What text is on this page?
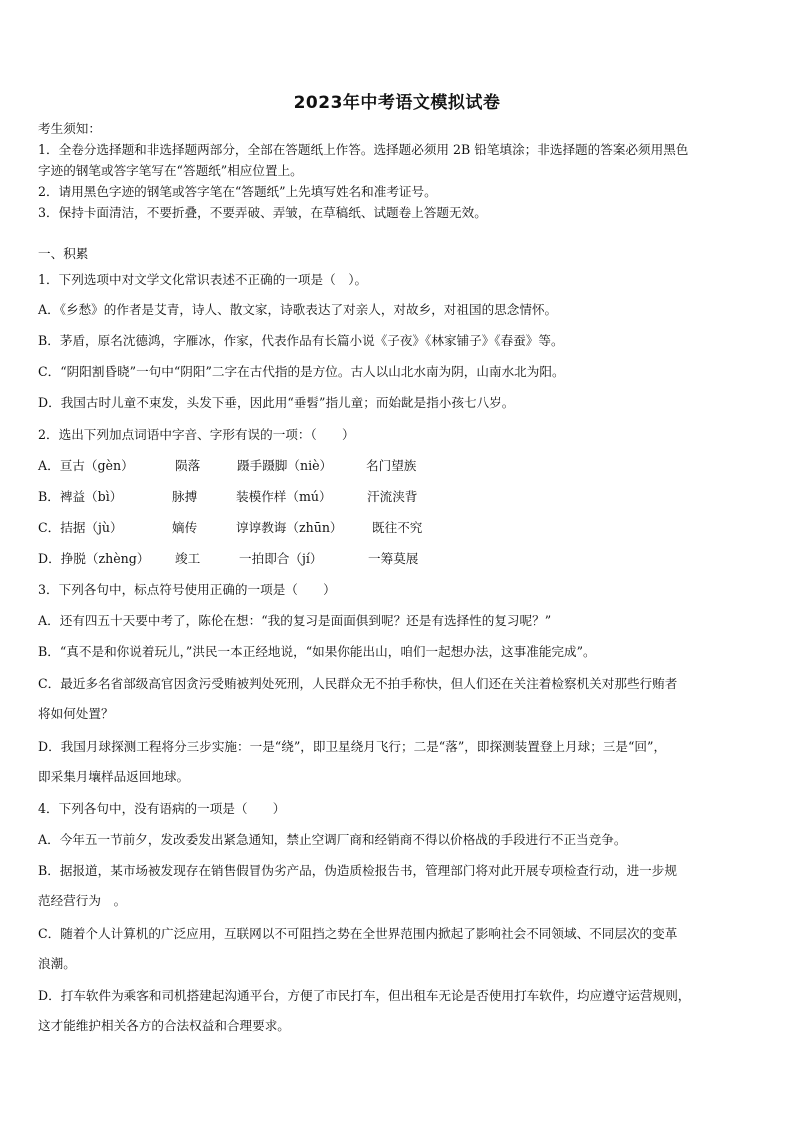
2023年中考语文模拟试卷
考生须知：
1．全卷分选择题和非选择题两部分，全部在答题纸上作答。选择题必须用 2B 铅笔填涂；非选择题的答案必须用黑色
字迹的钢笔或答字笔写在“答题纸”相应位置上。
2．请用黑色字迹的钢笔或答字笔在“答题纸”上先填写姓名和准考证号。
3．保持卡面清洁，不要折叠，不要弄破、弄皱，在草稿纸、试题卷上答题无效。
一、积累
1．下列选项中对文学文化常识表述不正确的一项是（　）。
A．《乡愁》的作者是艾青，诗人、散文家，诗歌表达了对亲人，对故乡，对祖国的思念情怀。
B．茅盾，原名沈德鸿，字雁冰，作家，代表作品有长篇小说《子夜》《林家铺子》《春蚕》等。
C．“阴阳割昏晓”一句中“阴阳”二字在古代指的是方位。古人以山北水南为阴，山南水北为阳。
D．我国古时儿童不束发，头发下垂，因此用“垂髫”指儿童；而始龀是指小孩七八岁。
2．选出下列加点词语中字音、字形有误的一项：（　　）
A．亘古（gèn）	陨落	蹑手蹑脚（niè）	名门望族
B．裨益（bì）	脉搏	装模作样（mú）	汗流浃背
C．拮据（jù）	嫡传	谆谆教诲（zhūn） 既往不究
D．挣脱（zhèng） 竣工	一拍即合（jí）	一筹莫展
3．下列各句中，标点符号使用正确的一项是（　　）
A．还有四五十天要中考了，陈伦在想：“我的复习是面面俱到呢？还是有选择性的复习呢？”
B．“真不是和你说着玩儿，”洪民一本正经地说，“如果你能出山，咱们一起想办法，这事准能完成”。
C．最近多名省部级高官因贪污受贿被判处死刑，人民群众无不拍手称快，但人们还在关注着检察机关对那些行贿者
将如何处置？
D．我国月球探测工程将分三步实施：一是“绕”，即卫星绕月飞行；二是“落”，即探测装置登上月球；三是“回”，
即采集月壤样品返回地球。
4．下列各句中，没有语病的一项是（　　）
A．今年五一节前夕，发改委发出紧急通知，禁止空调厂商和经销商不得以价格战的手段进行不正当竞争。
B．据报道，某市场被发现存在销售假冒伪劣产品，伪造质检报告书，管理部门将对此开展专项检查行动，进一步规
范经营行为　。
C．随着个人计算机的广泛应用，互联网以不可阻挡之势在全世界范围内掀起了影响社会不同领域、不同层次的变革
浪潮。
D．打车软件为乘客和司机搭建起沟通平台，方便了市民打车，但出租车无论是否使用打车软件，均应遵守运营规则，
这才能维护相关各方的合法权益和合理要求。
